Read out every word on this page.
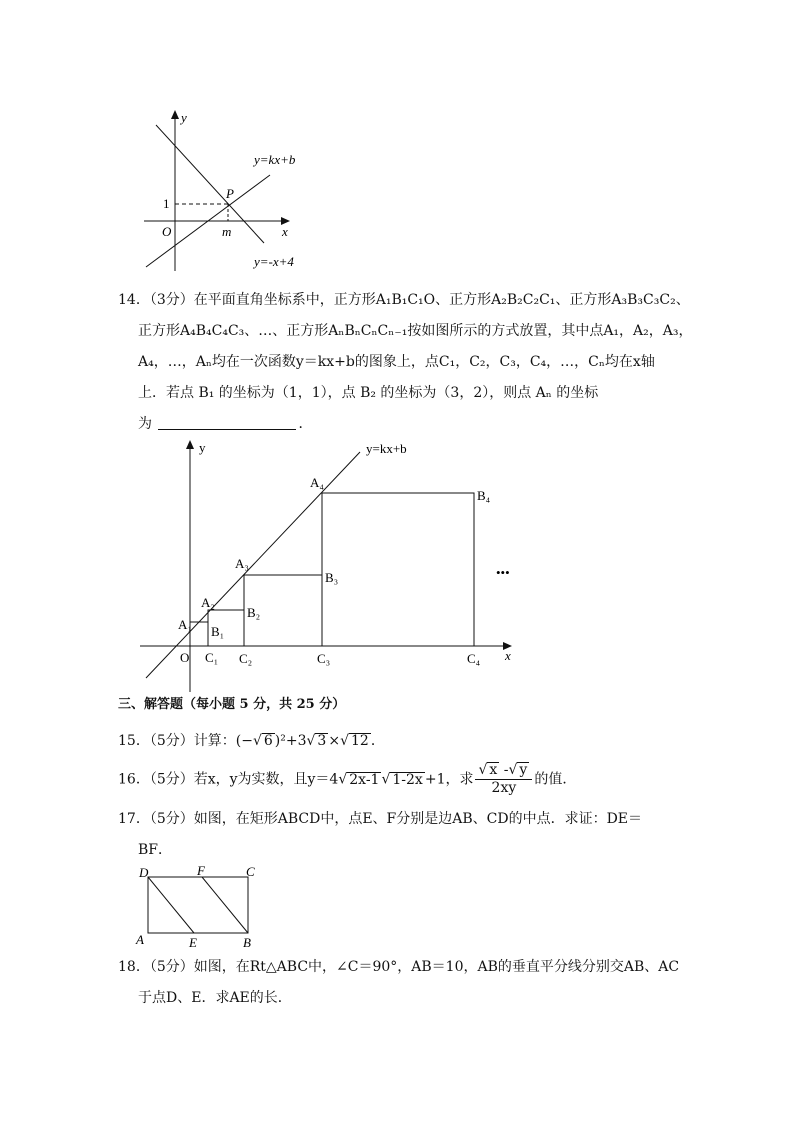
y
x
O
P
m
1
y=kx+b
y=-x+4
14．（3分）在平面直角坐标系中，正方形A₁B₁C₁O、正方形A₂B₂C₂C₁、正方形A₃B₃C₃C₂、
正方形A₄B₄C₄C₃、…、正方形AₙBₙCₙCₙ₋₁按如图所示的方式放置，其中点A₁，A₂，A₃，
A₄，…，Aₙ均在一次函数y＝kx+b的图象上，点C₁，C₂，C₃，C₄，…，Cₙ均在x轴
上．若点 B₁ 的坐标为（1，1），点 B₂ 的坐标为（3，2），则点 Aₙ 的坐标
为	．
y
x
O
y=kx+b
A₁
A₂
A₃
A₄
B₁
B₂
B₃
B₄
C₁ C₂	C₃	C₄
•••
三、解答题（每小题 5 分，共 25 分）
15．（5分）计算：(−√ 6 )²+3√ 3 ×√ 12 ．
16．（5分）若x，y为实数，且y＝4√ 2x-1 √ 1-2x +1，求 $\frac{√ x -√ y}{2xy}$ 的值．
17．（5分）如图，在矩形ABCD中，点E、F分别是边AB、CD的中点．求证：DE＝
BF．
D	F	C
A	E	B
18．（5分）如图，在Rt△ABC中，∠C＝90°，AB＝10，AB的垂直平分线分别交AB、AC
于点D、E．求AE的长．
